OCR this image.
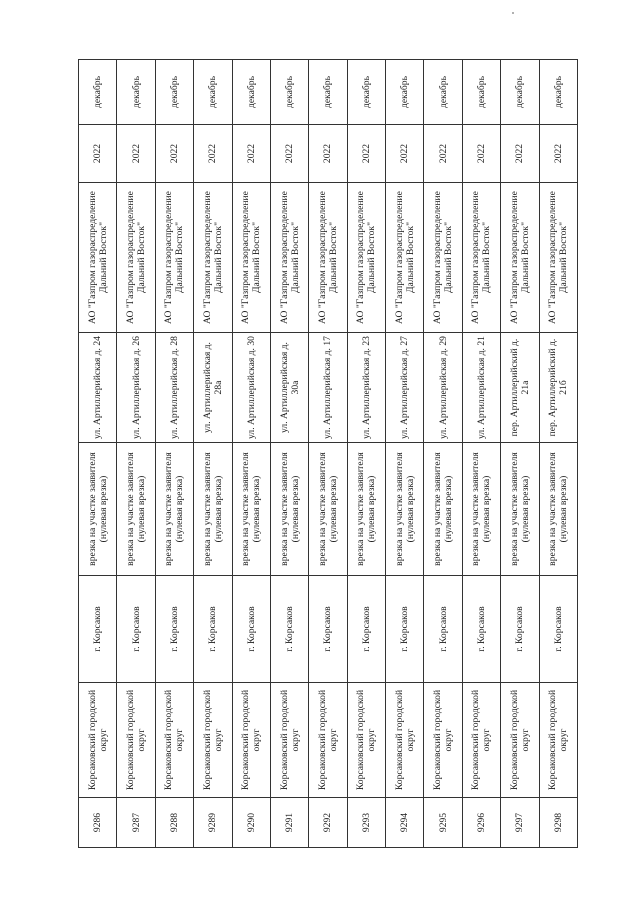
9286	Корсаковский городской округ	г. Корсаков	врезка на участке заявителя (нулевая врезка)	ул. Артиллерийская д. 24	АО "Газпром газораспределение Дальний Восток"	2022	декабрь
9287	Корсаковский городской округ	г. Корсаков	врезка на участке заявителя (нулевая врезка)	ул. Артиллерийская д. 26	АО "Газпром газораспределение Дальний Восток"	2022	декабрь
9288	Корсаковский городской округ	г. Корсаков	врезка на участке заявителя (нулевая врезка)	ул. Артиллерийская д. 28	АО "Газпром газораспределение Дальний Восток"	2022	декабрь
9289	Корсаковский городской округ	г. Корсаков	врезка на участке заявителя (нулевая врезка)	ул. Артиллерийская д. 28а	АО "Газпром газораспределение Дальний Восток"	2022	декабрь
9290	Корсаковский городской округ	г. Корсаков	врезка на участке заявителя (нулевая врезка)	ул. Артиллерийская д. 30	АО "Газпром газораспределение Дальний Восток"	2022	декабрь
9291	Корсаковский городской округ	г. Корсаков	врезка на участке заявителя (нулевая врезка)	ул. Артиллерийская д. 30а	АО "Газпром газораспределение Дальний Восток"	2022	декабрь
9292	Корсаковский городской округ	г. Корсаков	врезка на участке заявителя (нулевая врезка)	ул. Артиллерийская д. 17	АО "Газпром газораспределение Дальний Восток"	2022	декабрь
9293	Корсаковский городской округ	г. Корсаков	врезка на участке заявителя (нулевая врезка)	ул. Артиллерийская д. 23	АО "Газпром газораспределение Дальний Восток"	2022	декабрь
9294	Корсаковский городской округ	г. Корсаков	врезка на участке заявителя (нулевая врезка)	ул. Артиллерийская д. 27	АО "Газпром газораспределение Дальний Восток"	2022	декабрь
9295	Корсаковский городской округ	г. Корсаков	врезка на участке заявителя (нулевая врезка)	ул. Артиллерийская д. 29	АО "Газпром газораспределение Дальний Восток"	2022	декабрь
9296	Корсаковский городской округ	г. Корсаков	врезка на участке заявителя (нулевая врезка)	ул. Артиллерийская д. 21	АО "Газпром газораспределение Дальний Восток"	2022	декабрь
9297	Корсаковский городской округ	г. Корсаков	врезка на участке заявителя (нулевая врезка)	пер. Артиллерийский д. 21а	АО "Газпром газораспределение Дальний Восток"	2022	декабрь
9298	Корсаковский городской округ	г. Корсаков	врезка на участке заявителя (нулевая врезка)	пер. Артиллерийский д. 21б	АО "Газпром газораспределение Дальний Восток"	2022	декабрь
